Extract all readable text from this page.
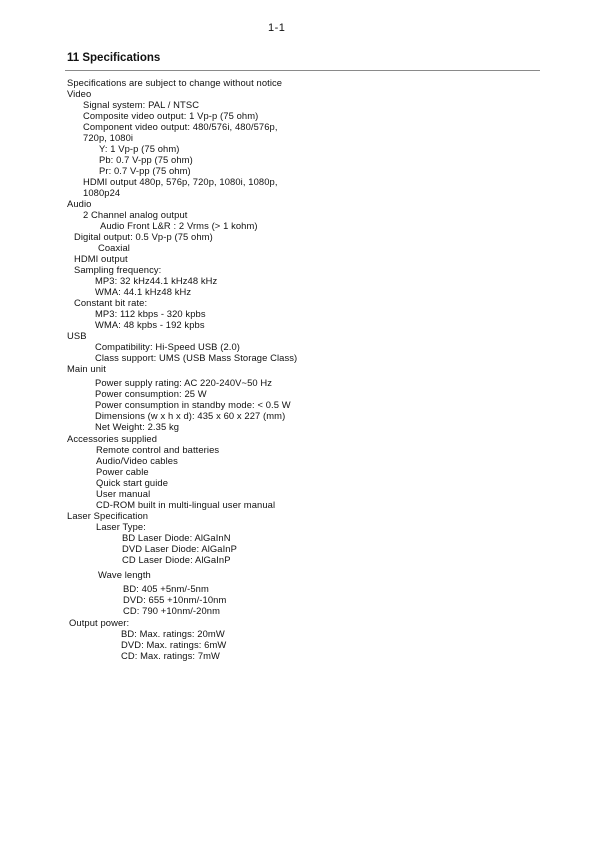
1-1
11 Specifications
Specifications are subject to change without notice
Video
Signal system: PAL / NTSC
Composite video output: 1 Vp-p (75 ohm)
Component video output: 480/576i, 480/576p,
720p, 1080i
Y: 1 Vp-p (75 ohm)
Pb: 0.7 V-pp (75 ohm)
Pr: 0.7 V-pp (75 ohm)
HDMI output 480p, 576p, 720p, 1080i, 1080p,
1080p24
Audio
2 Channel analog output
Audio Front L&R : 2 Vrms (> 1 kohm)
Digital output: 0.5 Vp-p (75 ohm)
Coaxial
HDMI output
Sampling frequency:
MP3: 32 kHz44.1 kHz48 kHz
WMA: 44.1 kHz48 kHz
Constant bit rate:
MP3: 112 kbps - 320 kpbs
WMA: 48 kpbs - 192 kpbs
USB
Compatibility: Hi-Speed USB (2.0)
Class support: UMS (USB Mass Storage Class)
Main unit
Power supply rating: AC 220-240V~50 Hz
Power consumption: 25 W
Power consumption in standby mode: < 0.5 W
Dimensions (w x h x d): 435 x 60 x 227 (mm)
Net Weight: 2.35 kg
Accessories supplied
Remote control and batteries
Audio/Video cables
Power cable
Quick start guide
User manual
CD-ROM built in multi-lingual user manual
Laser Specification
Laser Type:
BD Laser Diode: AlGaInN
DVD Laser Diode: AlGaInP
CD Laser Diode: AlGaInP
Wave length
BD: 405 +5nm/-5nm
DVD: 655 +10nm/-10nm
CD: 790 +10nm/-20nm
Output power:
BD: Max. ratings: 20mW
DVD: Max. ratings: 6mW
CD: Max. ratings: 7mW
